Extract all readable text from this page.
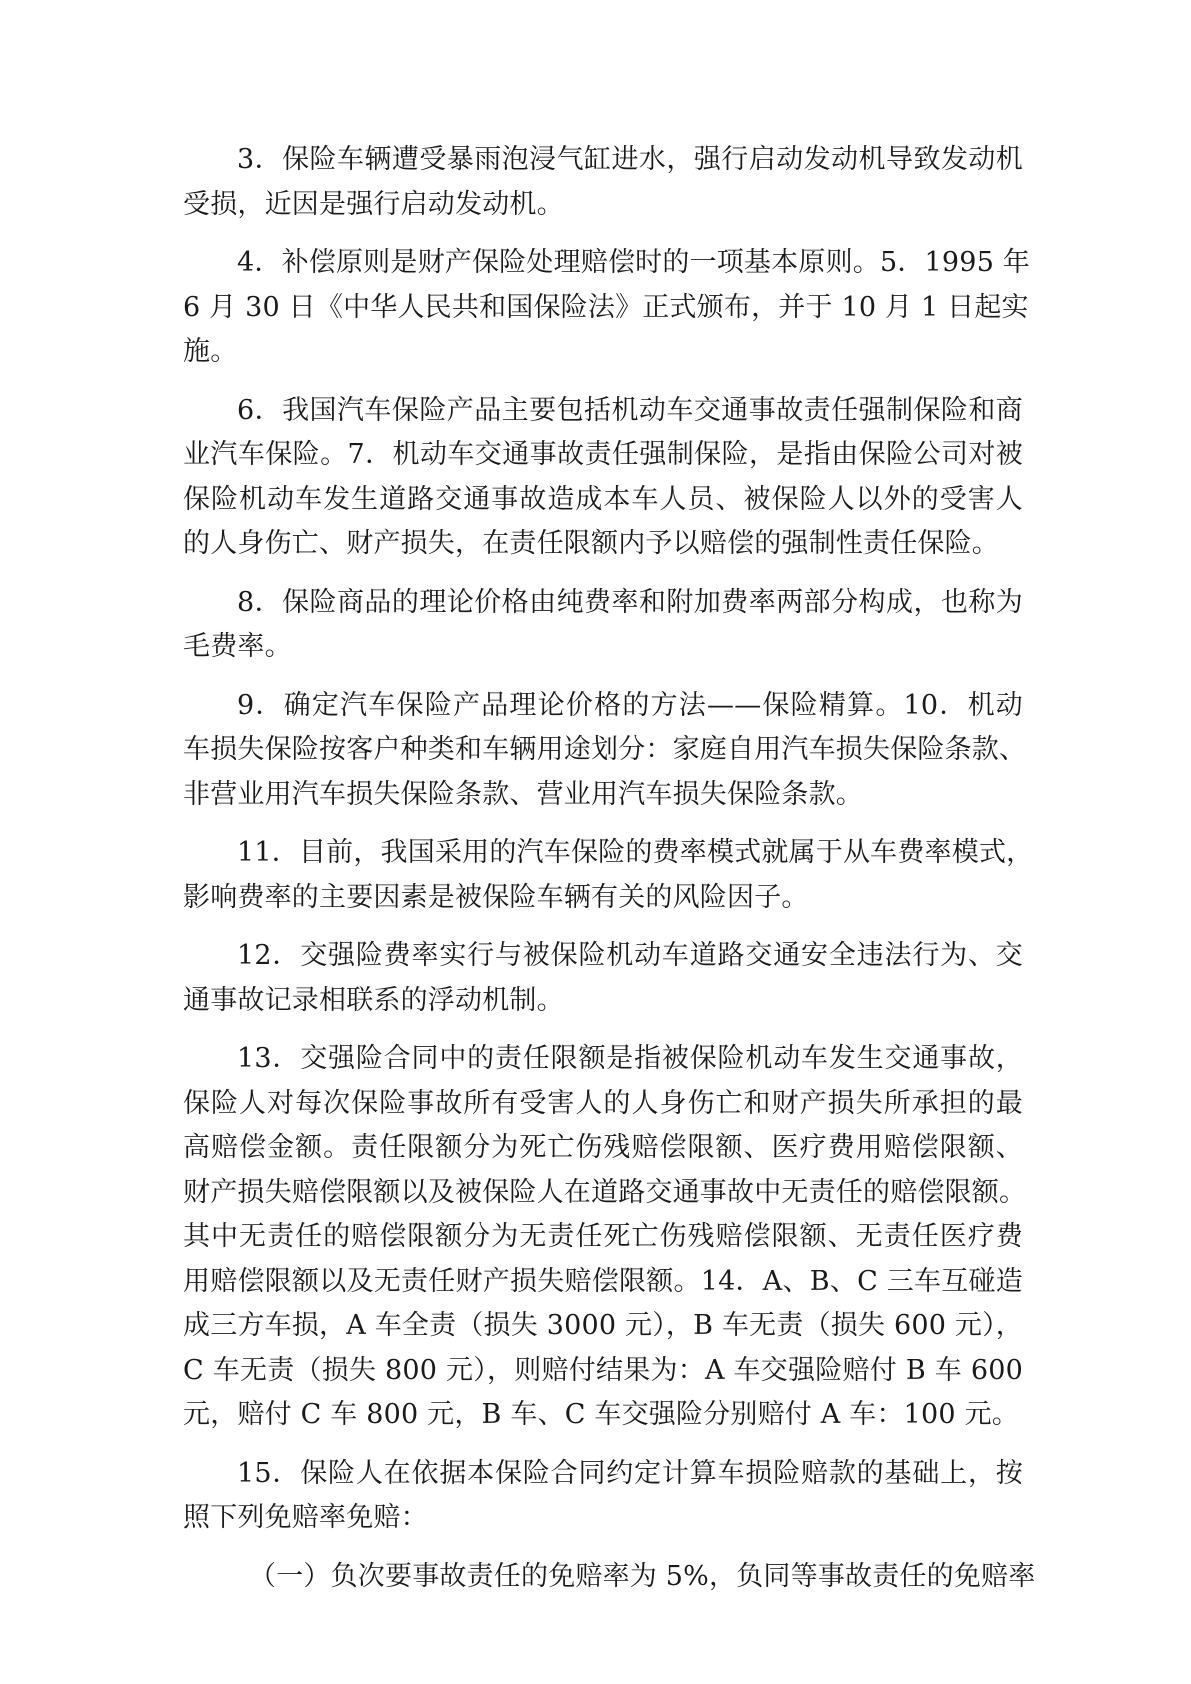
3．保险车辆遭受暴雨泡浸气缸进水，强行启动发动机导致发动机
受损，近因是强行启动发动机。
4．补偿原则是财产保险处理赔偿时的一项基本原则。5．1995 年
6 月 30 日《中华人民共和国保险法》正式颁布，并于 10 月 1 日起实
施。
6．我国汽车保险产品主要包括机动车交通事故责任强制保险和商
业汽车保险。7．机动车交通事故责任强制保险，是指由保险公司对被
保险机动车发生道路交通事故造成本车人员、被保险人以外的受害人
的人身伤亡、财产损失，在责任限额内予以赔偿的强制性责任保险。
8．保险商品的理论价格由纯费率和附加费率两部分构成，也称为
毛费率。
9．确定汽车保险产品理论价格的方法——保险精算。10．机动
车损失保险按客户种类和车辆用途划分：家庭自用汽车损失保险条款、
非营业用汽车损失保险条款、营业用汽车损失保险条款。
11．目前，我国采用的汽车保险的费率模式就属于从车费率模式，
影响费率的主要因素是被保险车辆有关的风险因子。
12．交强险费率实行与被保险机动车道路交通安全违法行为、交
通事故记录相联系的浮动机制。
13．交强险合同中的责任限额是指被保险机动车发生交通事故，
保险人对每次保险事故所有受害人的人身伤亡和财产损失所承担的最
高赔偿金额。责任限额分为死亡伤残赔偿限额、医疗费用赔偿限额、
财产损失赔偿限额以及被保险人在道路交通事故中无责任的赔偿限额。
其中无责任的赔偿限额分为无责任死亡伤残赔偿限额、无责任医疗费
用赔偿限额以及无责任财产损失赔偿限额。14．A、B、C 三车互碰造
成三方车损，A 车全责（损失 3000 元），B 车无责（损失 600 元），
C 车无责（损失 800 元），则赔付结果为：A 车交强险赔付 B 车 600
元，赔付 C 车 800 元，B 车、C 车交强险分别赔付 A 车：100 元。
15．保险人在依据本保险合同约定计算车损险赔款的基础上，按
照下列免赔率免赔：
（一）负次要事故责任的免赔率为 5%，负同等事故责任的免赔率
